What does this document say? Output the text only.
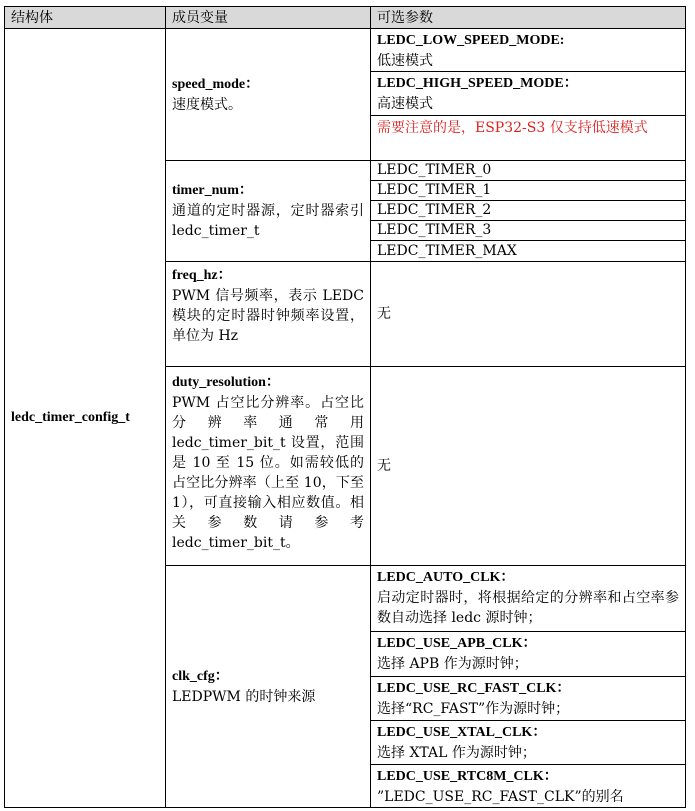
结构体	成员变量	可选参数
ledc_timer_config_t
speed_mode：
速度模式。
LEDC_LOW_SPEED_MODE:
低速模式
LEDC_HIGH_SPEED_MODE：
高速模式
需要注意的是，ESP32-S3 仅支持低速模式
timer_num：
通道的定时器源，定时器索引 ledc_timer_t
LEDC_TIMER_0
LEDC_TIMER_1
LEDC_TIMER_2
LEDC_TIMER_3
LEDC_TIMER_MAX
freq_hz：
PWM 信号频率，表示 LEDC 模块的定时器时钟频率设置，单位为 Hz
无
duty_resolution：
PWM 占空比分辨率。占空比分辨率通常用 ledc_timer_bit_t 设置，范围是 10 至 15 位。如需较低的占空比分辨率（上至 10，下至 1），可直接输入相应数值。相关参数请参考 ledc_timer_bit_t。
无
clk_cfg：
LEDPWM 的时钟来源
LEDC_AUTO_CLK：
启动定时器时，将根据给定的分辨率和占空率参数自动选择 ledc 源时钟；
LEDC_USE_APB_CLK：
选择 APB 作为源时钟；
LEDC_USE_RC_FAST_CLK：
选择“RC_FAST”作为源时钟；
LEDC_USE_XTAL_CLK：
选择 XTAL 作为源时钟；
LEDC_USE_RTC8M_CLK：
”LEDC_USE_RC_FAST_CLK”的别名
